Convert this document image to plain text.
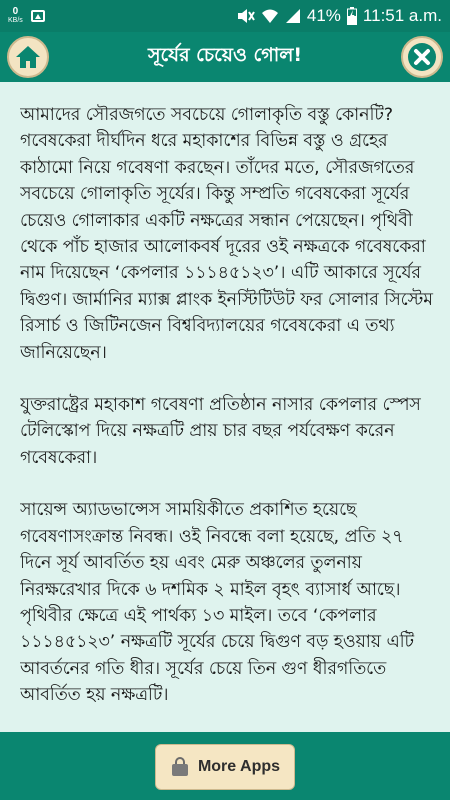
0
KB/s	41% 11:51 a.m.
সূর্যের চেয়েও গোল!

আমাদের সৌরজগতে সবচেয়ে গোলাকৃতি বস্তু কোনটি? গবেষকেরা দীর্ঘদিন ধরে মহাকাশের বিভিন্ন বস্তু ও গ্রহের কাঠামো নিয়ে গবেষণা করছেন। তাঁদের মতে, সৌরজগতের সবচেয়ে গোলাকৃতি সূর্যের। কিন্তু সম্প্রতি গবেষকেরা সূর্যের চেয়েও গোলাকার একটি নক্ষত্রের সন্ধান পেয়েছেন। পৃথিবী থেকে পাঁচ হাজার আলোকবর্ষ দূরের ওই নক্ষত্রকে গবেষকেরা নাম দিয়েছেন ‘কেপলার ১১১৪৫১২৩’। এটি আকারে সূর্যের দ্বিগুণ। জার্মানির ম্যাক্স প্লাংক ইনস্টিটিউট ফর সোলার সিস্টেম রিসার্চ ও জিটিনজেন বিশ্ববিদ্যালয়ের গবেষকেরা এ তথ্য জানিয়েছেন।

যুক্তরাষ্ট্রের মহাকাশ গবেষণা প্রতিষ্ঠান নাসার কেপলার স্পেস টেলিস্কোপ দিয়ে নক্ষত্রটি প্রায় চার বছর পর্যবেক্ষণ করেন গবেষকেরা।

সায়েন্স অ্যাডভান্সেস সাময়িকীতে প্রকাশিত হয়েছে গবেষণাসংক্রান্ত নিবন্ধ। ওই নিবন্ধে বলা হয়েছে, প্রতি ২৭ দিনে সূর্য আবর্তিত হয় এবং মেরু অঞ্চলের তুলনায় নিরক্ষরেখার দিকে ৬ দশমিক ২ মাইল বৃহৎ ব্যাসার্ধ আছে। পৃথিবীর ক্ষেত্রে এই পার্থক্য ১৩ মাইল। তবে ‘কেপলার ১১১৪৫১২৩’ নক্ষত্রটি সূর্যের চেয়ে দ্বিগুণ বড় হওয়ায় এটি আবর্তনের গতি ধীর। সূর্যের চেয়ে তিন গুণ ধীরগতিতে আবর্তিত হয় নক্ষত্রটি।

More Apps
